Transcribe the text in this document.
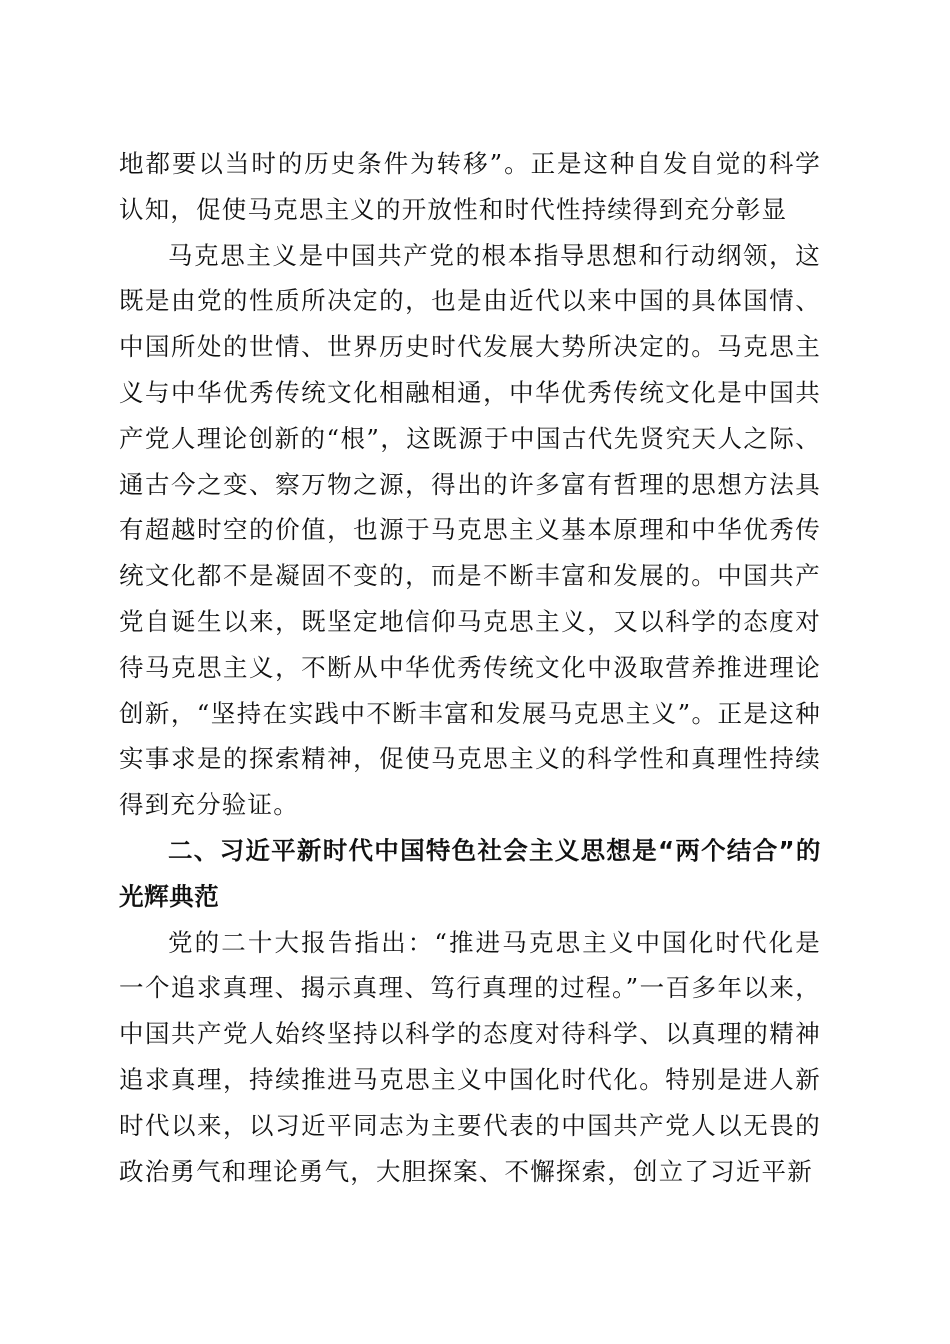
地都要以当时的历史条件为转移”。正是这种自发自觉的科学认知，促使马克思主义的开放性和时代性持续得到充分彰显

马克思主义是中国共产党的根本指导思想和行动纲领，这既是由党的性质所决定的，也是由近代以来中国的具体国情、中国所处的世情、世界历史时代发展大势所决定的。马克思主义与中华优秀传统文化相融相通，中华优秀传统文化是中国共产党人理论创新的“根”，这既源于中国古代先贤究天人之际、通古今之变、察万物之源，得出的许多富有哲理的思想方法具有超越时空的价值，也源于马克思主义基本原理和中华优秀传统文化都不是凝固不变的，而是不断丰富和发展的。中国共产党自诞生以来，既坚定地信仰马克思主义，又以科学的态度对待马克思主义，不断从中华优秀传统文化中汲取营养推进理论创新，“坚持在实践中不断丰富和发展马克思主义”。正是这种实事求是的探索精神，促使马克思主义的科学性和真理性持续得到充分验证。

二、习近平新时代中国特色社会主义思想是“两个结合”的光辉典范

党的二十大报告指出：“推进马克思主义中国化时代化是一个追求真理、揭示真理、笃行真理的过程。”一百多年以来，中国共产党人始终坚持以科学的态度对待科学、以真理的精神追求真理，持续推进马克思主义中国化时代化。特别是进人新时代以来，以习近平同志为主要代表的中国共产党人以无畏的政治勇气和理论勇气，大胆探案、不懈探索，创立了习近平新
